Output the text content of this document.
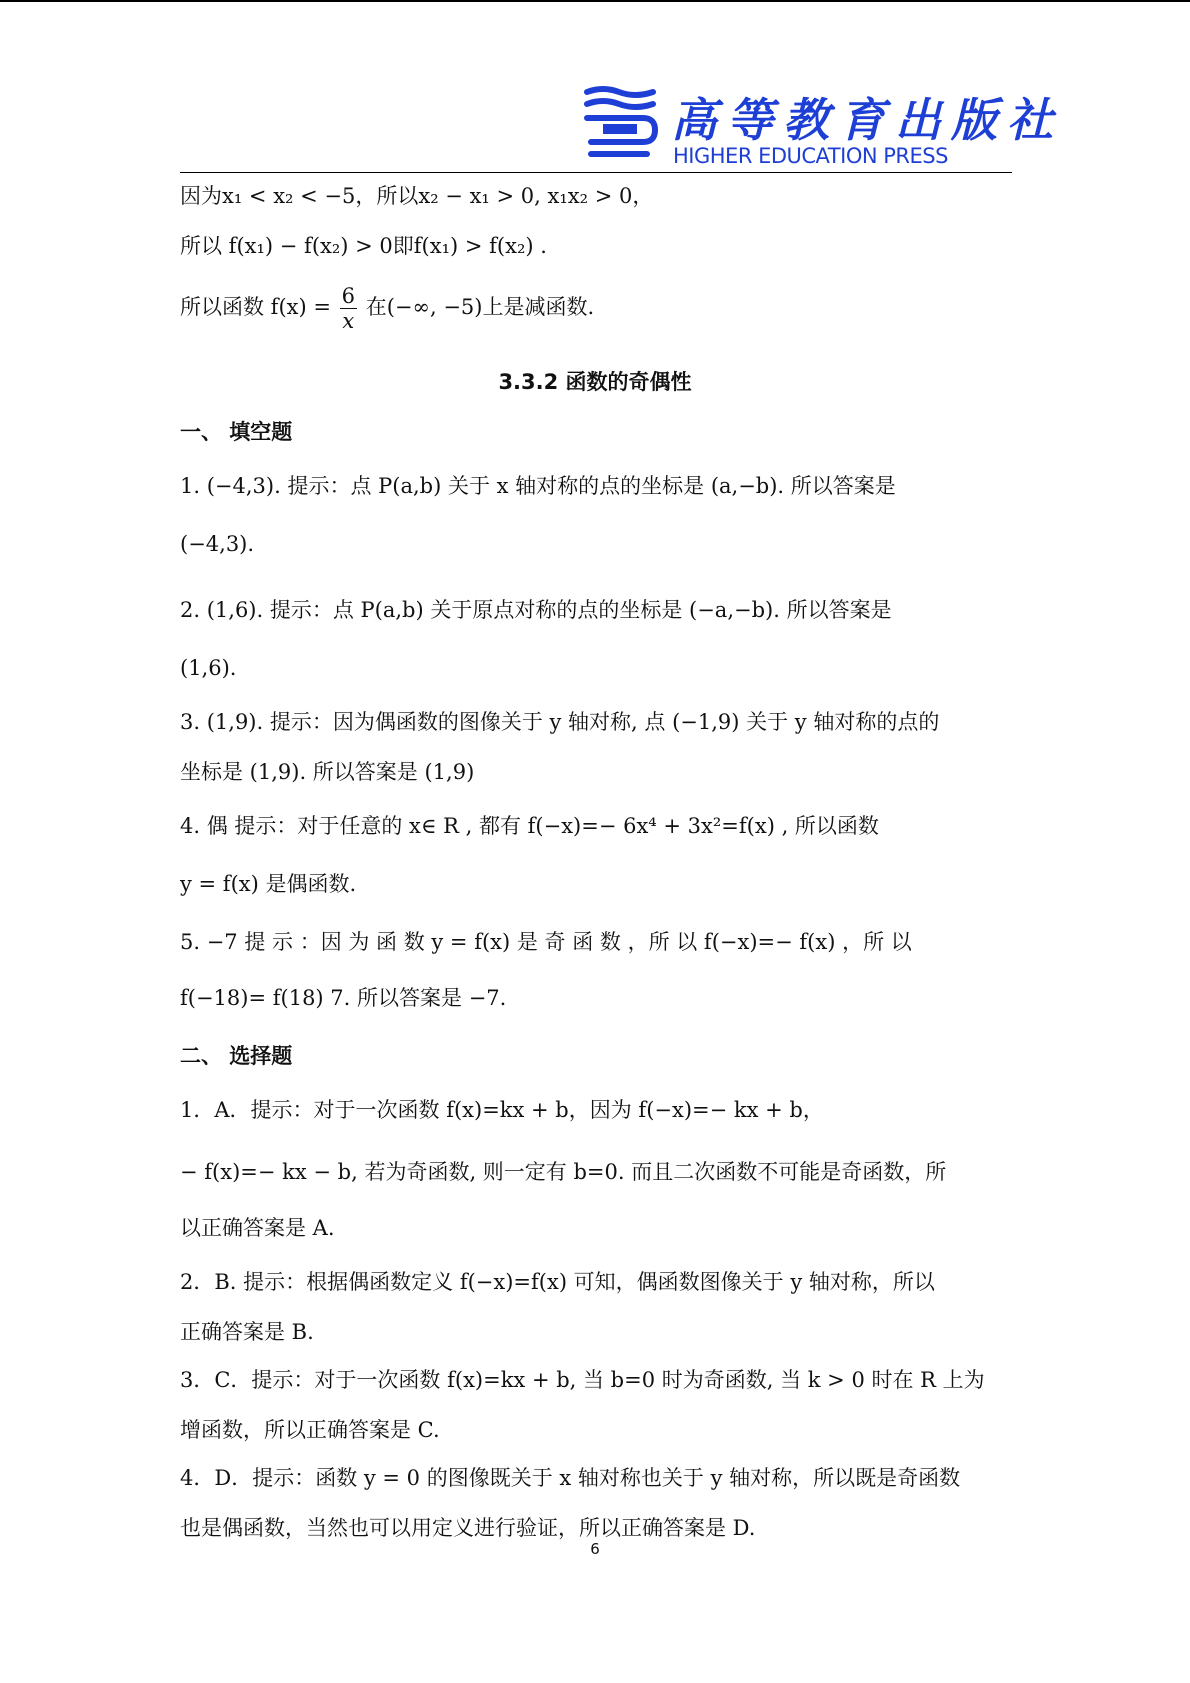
高等教育出版社
HIGHER EDUCATION PRESS
因为x₁ < x₂ < −5，所以x₂ − x₁ > 0, x₁x₂ > 0，
所以 f(x₁) − f(x₂) > 0即f(x₁) > f(x₂) .
所以函数 $f(x) = \frac{6}{x}$ 在(−∞, −5)上是减函数.
3.3.2 函数的奇偶性
一、 填空题
1. (−4,3). 提示：点 P(a,b) 关于 x 轴对称的点的坐标是 (a,−b). 所以答案是
(−4,3).
2. (1,6). 提示：点 P(a,b) 关于原点对称的点的坐标是 (−a,−b). 所以答案是
(1,6).
3. (1,9). 提示：因为偶函数的图像关于 y 轴对称, 点 (−1,9) 关于 y 轴对称的点的
坐标是 (1,9). 所以答案是 (1,9)
4. 偶 提示：对于任意的 x∈ R , 都有 f(−x)=− 6x⁴ + 3x²=f(x) , 所以函数
y = f(x) 是偶函数.
5. −7 提 示 ：因 为 函 数 y = f(x) 是 奇 函 数 ，所 以 f(−x)=− f(x) ，所 以
f(−18)= f(18) 7. 所以答案是 −7.
二、 选择题
1．A．提示：对于一次函数 f(x)=kx + b，因为 f(−x)=− kx + b，
− f(x)=− kx − b, 若为奇函数, 则一定有 b=0. 而且二次函数不可能是奇函数，所
以正确答案是 A.
2．B. 提示：根据偶函数定义 f(−x)=f(x) 可知，偶函数图像关于 y 轴对称，所以
正确答案是 B.
3．C．提示：对于一次函数 f(x)=kx + b, 当 b=0 时为奇函数, 当 k > 0 时在 R 上为
增函数，所以正确答案是 C.
4．D．提示：函数 y = 0 的图像既关于 x 轴对称也关于 y 轴对称，所以既是奇函数
也是偶函数，当然也可以用定义进行验证，所以正确答案是 D.
6
